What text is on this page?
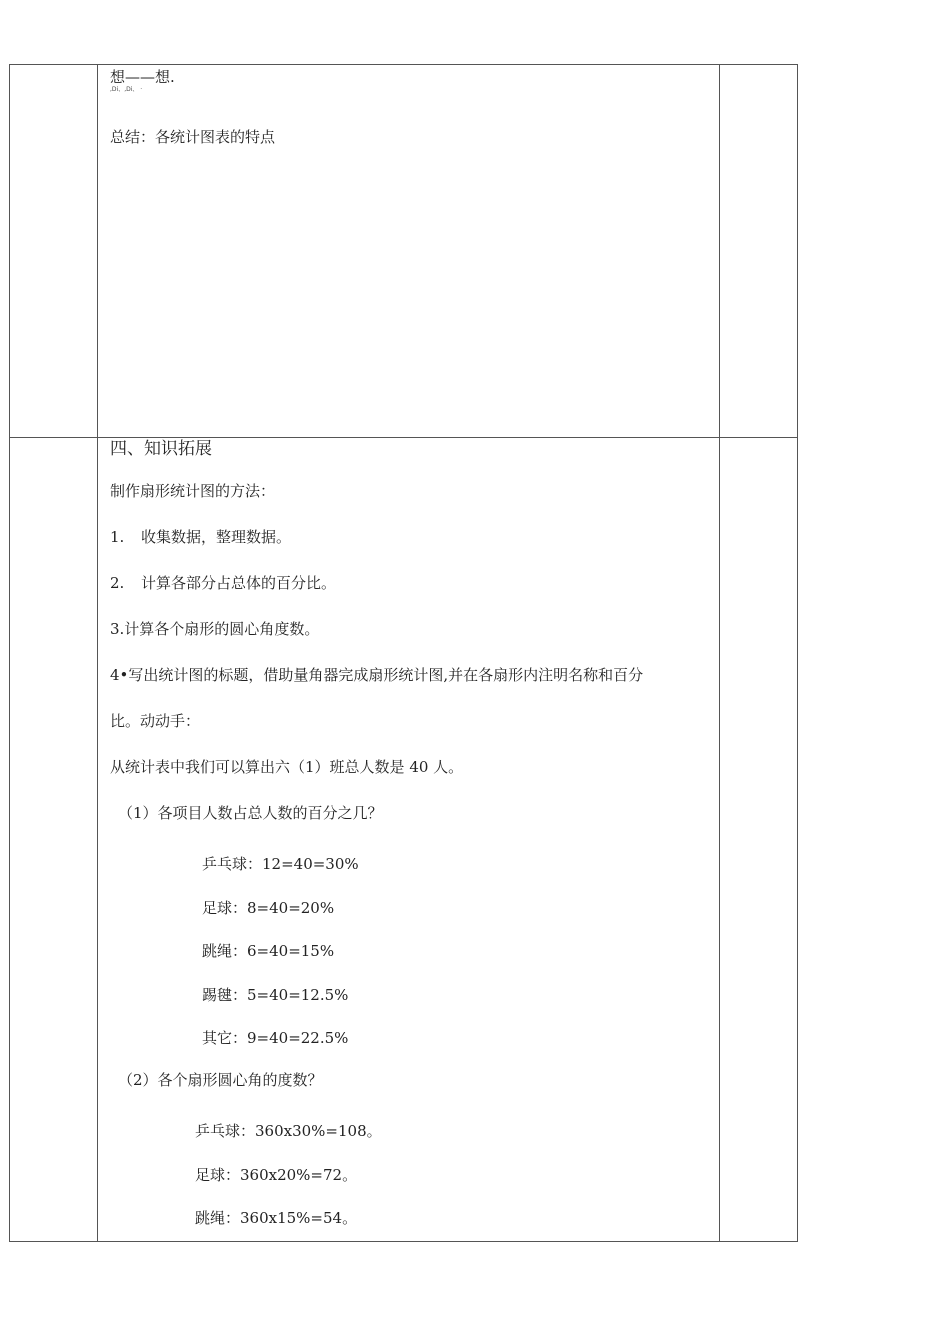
想——想.
,Di、,Di、 ·
总结：各统计图表的特点
四、知识拓展
制作扇形统计图的方法：
1. 收集数据，整理数据。
2. 计算各部分占总体的百分比。
3.计算各个扇形的圆心角度数。
4•写出统计图的标题，借助量角器完成扇形统计图,并在各扇形内注明名称和百分
比。动动手：
从统计表中我们可以算出六（1）班总人数是 40 人。
（1）各项目人数占总人数的百分之几？
乒乓球：12=40=30%
足球：8=40=20%
跳绳：6=40=15%
踢毽：5=40=12.5%
其它：9=40=22.5%
（2）各个扇形圆心角的度数？
乒乓球：360x30%=108。
足球：360x20%=72。
跳绳：360x15%=54。
